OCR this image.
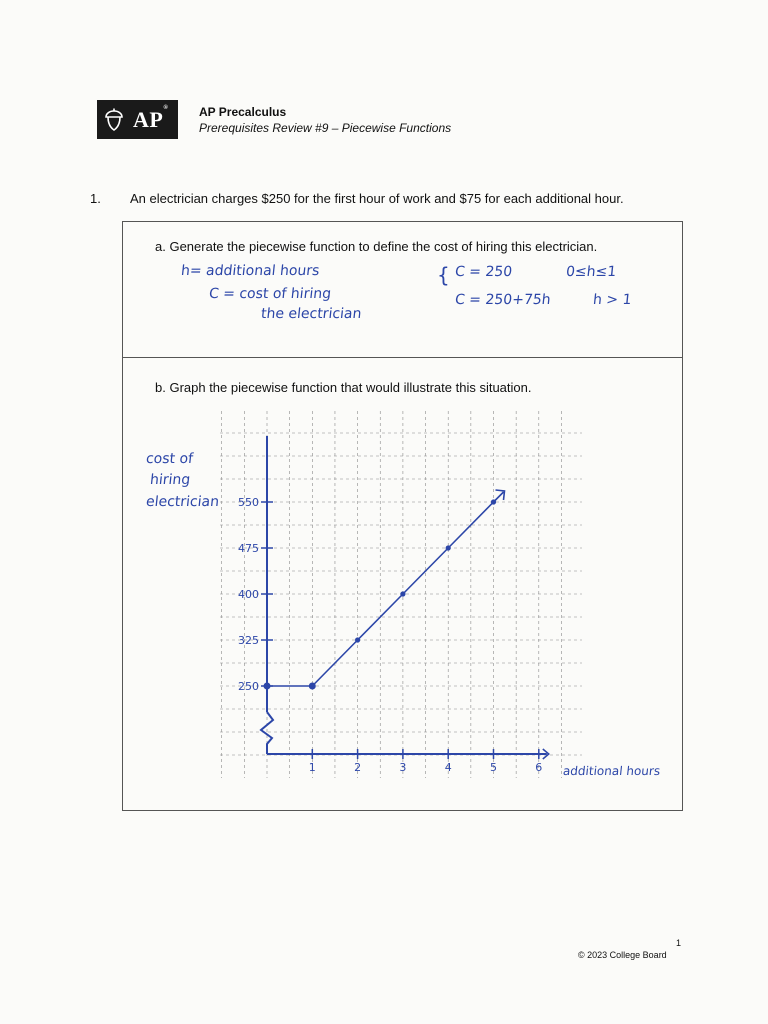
AP®	AP Precalculus
Prerequisites Review #9 – Piecewise Functions
1. An electrician charges $250 for the first hour of work and $75 for each additional hour.
a. Generate the piecewise function to define the cost of hiring this electrician.
h= additional hours
C = cost of hiring
the electrician
{ C = 250	0≤h≤1
C = 250+75h	h > 1
b. Graph the piecewise function that would illustrate this situation.
cost of
hiring
electrician
additional hours
1	2	3	4	5	6
250
325
400
475
550
1
© 2023 College Board
